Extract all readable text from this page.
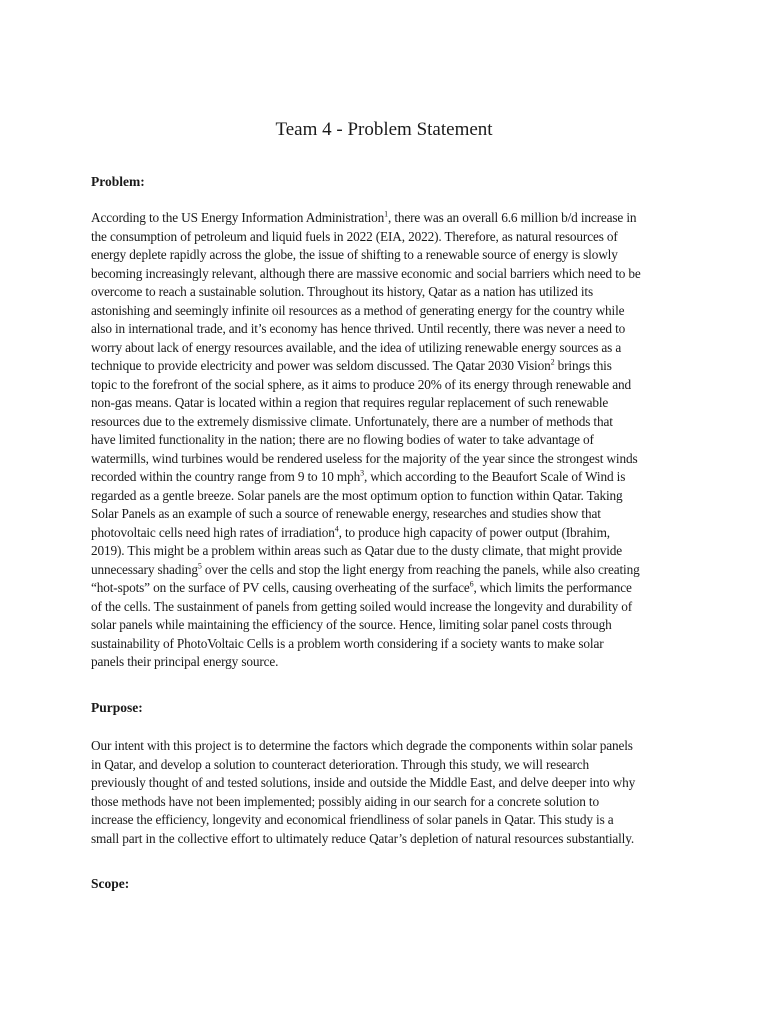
Team 4 - Problem Statement
Problem:
According to the US Energy Information Administration$^1$, there was an overall 6.6 million b/d increase in
the consumption of petroleum and liquid fuels in 2022 (EIA, 2022). Therefore, as natural resources of
energy deplete rapidly across the globe, the issue of shifting to a renewable source of energy is slowly
becoming increasingly relevant, although there are massive economic and social barriers which need to be
overcome to reach a sustainable solution. Throughout its history, Qatar as a nation has utilized its
astonishing and seemingly infinite oil resources as a method of generating energy for the country while
also in international trade, and it’s economy has hence thrived. Until recently, there was never a need to
worry about lack of energy resources available, and the idea of utilizing renewable energy sources as a
technique to provide electricity and power was seldom discussed. The Qatar 2030 Vision$^2$ brings this
topic to the forefront of the social sphere, as it aims to produce 20% of its energy through renewable and
non-gas means. Qatar is located within a region that requires regular replacement of such renewable
resources due to the extremely dismissive climate. Unfortunately, there are a number of methods that
have limited functionality in the nation; there are no flowing bodies of water to take advantage of
watermills, wind turbines would be rendered useless for the majority of the year since the strongest winds
recorded within the country range from 9 to 10 mph$^3$, which according to the Beaufort Scale of Wind is
regarded as a gentle breeze. Solar panels are the most optimum option to function within Qatar. Taking
Solar Panels as an example of such a source of renewable energy, researches and studies show that
photovoltaic cells need high rates of irradiation$^4$, to produce high capacity of power output (Ibrahim,
2019). This might be a problem within areas such as Qatar due to the dusty climate, that might provide
unnecessary shading$^5$ over the cells and stop the light energy from reaching the panels, while also creating
“hot-spots” on the surface of PV cells, causing overheating of the surface$^6$, which limits the performance
of the cells. The sustainment of panels from getting soiled would increase the longevity and durability of
solar panels while maintaining the efficiency of the source. Hence, limiting solar panel costs through
sustainability of PhotoVoltaic Cells is a problem worth considering if a society wants to make solar
panels their principal energy source.
Purpose:
Our intent with this project is to determine the factors which degrade the components within solar panels
in Qatar, and develop a solution to counteract deterioration. Through this study, we will research
previously thought of and tested solutions, inside and outside the Middle East, and delve deeper into why
those methods have not been implemented; possibly aiding in our search for a concrete solution to
increase the efficiency, longevity and economical friendliness of solar panels in Qatar. This study is a
small part in the collective effort to ultimately reduce Qatar’s depletion of natural resources substantially.
Scope:
